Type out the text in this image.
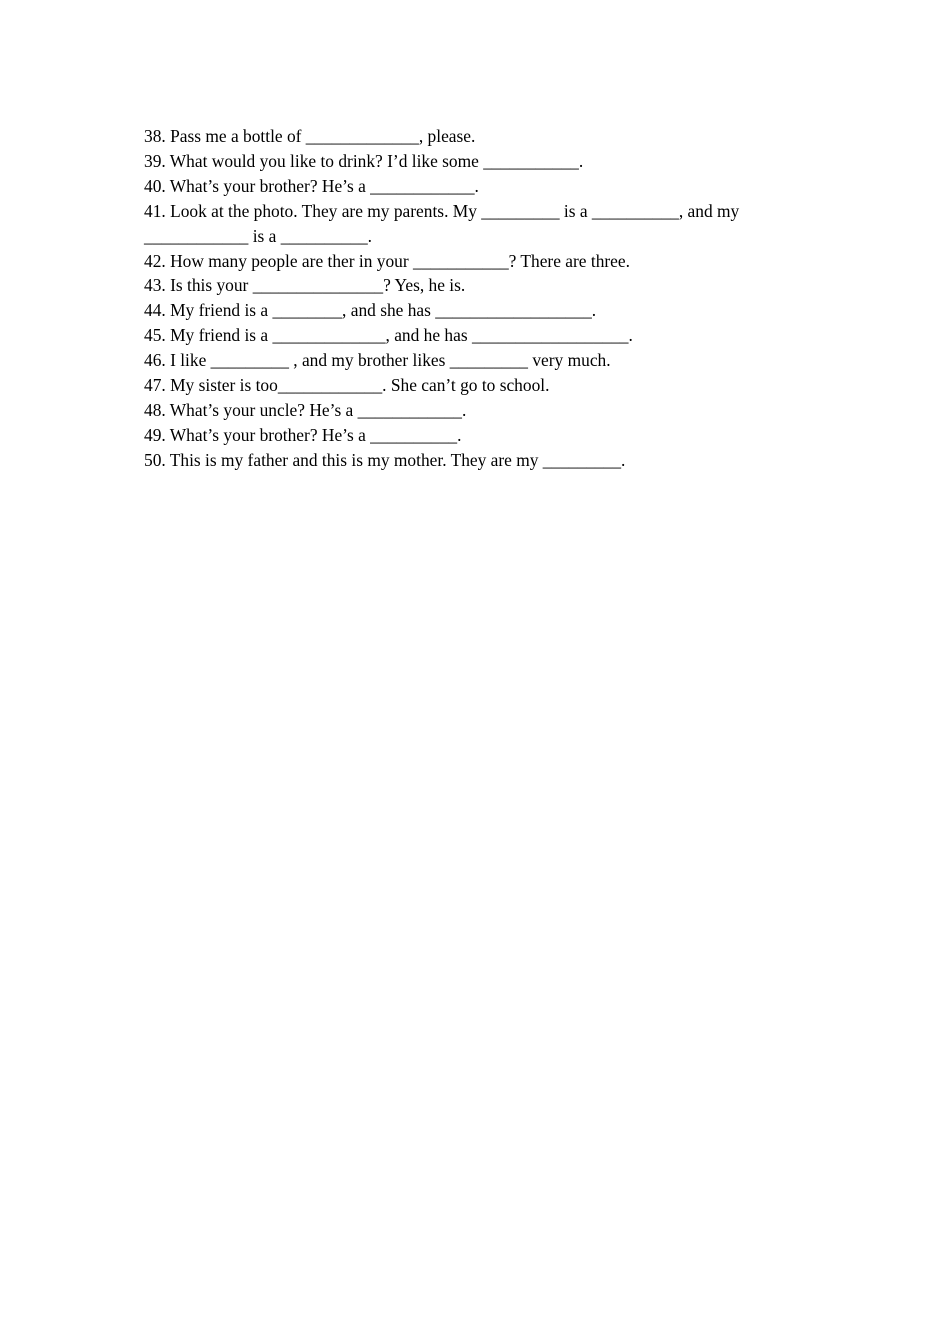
38. Pass me a bottle of _____________, please.

39. What would you like to drink? I’d like some ___________.

40. What’s your brother? He’s a ____________.

41. Look at the photo. They are my parents. My _________ is a __________, and my ____________ is a __________.

42. How many people are ther in your ___________? There are three.

43. Is this your _______________? Yes, he is.

44. My friend is a ________, and she has __________________.

45. My friend is a _____________, and he has __________________.

46. I like _________ , and my brother likes _________ very much.

47. My sister is too____________. She can’t go to school.

48. What’s your uncle? He’s a ____________.

49. What’s your brother? He’s a __________.

50. This is my father and this is my mother. They are my _________.
